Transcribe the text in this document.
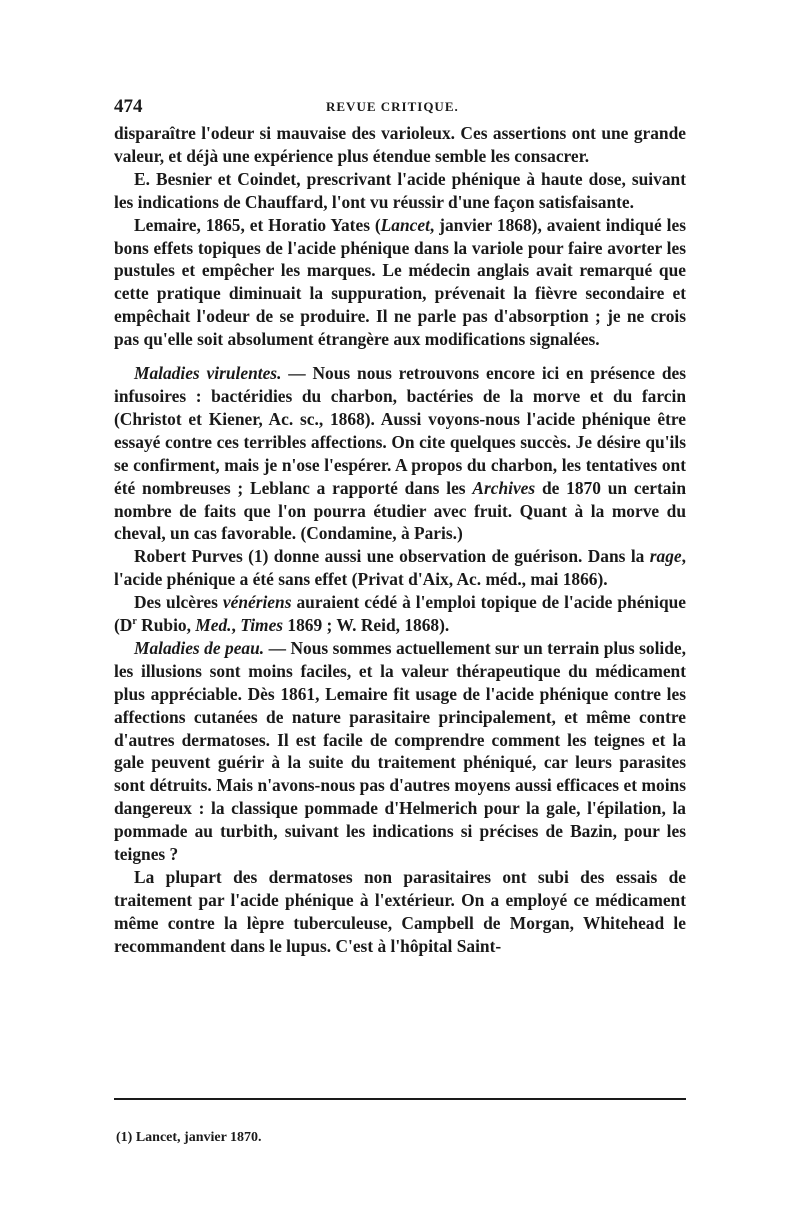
474	REVUE CRITIQUE.

disparaître l'odeur si mauvaise des varioleux. Ces assertions ont une grande valeur, et déjà une expérience plus étendue semble les consacrer.

E. Besnier et Coindet, prescrivant l'acide phénique à haute dose, suivant les indications de Chauffard, l'ont vu réussir d'une façon satisfaisante.

Lemaire, 1865, et Horatio Yates (Lancet, janvier 1868), avaient indiqué les bons effets topiques de l'acide phénique dans la variole pour faire avorter les pustules et empêcher les marques. Le médecin anglais avait remarqué que cette pratique diminuait la suppuration, prévenait la fièvre secondaire et empêchait l'odeur de se produire. Il ne parle pas d'absorption ; je ne crois pas qu'elle soit absolument étrangère aux modifications signalées.

Maladies virulentes. — Nous nous retrouvons encore ici en présence des infusoires : bactéridies du charbon, bactéries de la morve et du farcin (Christot et Kiener, Ac. sc., 1868). Aussi voyons-nous l'acide phénique être essayé contre ces terribles affections. On cite quelques succès. Je désire qu'ils se confirment, mais je n'ose l'espérer. A propos du charbon, les tentatives ont été nombreuses ; Leblanc a rapporté dans les Archives de 1870 un certain nombre de faits que l'on pourra étudier avec fruit. Quant à la morve du cheval, un cas favorable. (Condamine, à Paris.)

Robert Purves (1) donne aussi une observation de guérison. Dans la rage, l'acide phénique a été sans effet (Privat d'Aix, Ac. méd., mai 1866).

Des ulcères vénériens auraient cédé à l'emploi topique de l'acide phénique ($D^r$ Rubio, Med., Times 1869 ; W. Reid, 1868).

Maladies de peau. — Nous sommes actuellement sur un terrain plus solide, les illusions sont moins faciles, et la valeur thérapeutique du médicament plus appréciable. Dès 1861, Lemaire fit usage de l'acide phénique contre les affections cutanées de nature parasitaire principalement, et même contre d'autres dermatoses. Il est facile de comprendre comment les teignes et la gale peuvent guérir à la suite du traitement phéniqué, car leurs parasites sont détruits. Mais n'avons-nous pas d'autres moyens aussi efficaces et moins dangereux : la classique pommade d'Helmerich pour la gale, l'épilation, la pommade au turbith, suivant les indications si précises de Bazin, pour les teignes ?

La plupart des dermatoses non parasitaires ont subi des essais de traitement par l'acide phénique à l'extérieur. On a employé ce médicament même contre la lèpre tuberculeuse, Campbell de Morgan, Whitehead le recommandent dans le lupus. C'est à l'hôpital Saint-

(1) Lancet, janvier 1870.
